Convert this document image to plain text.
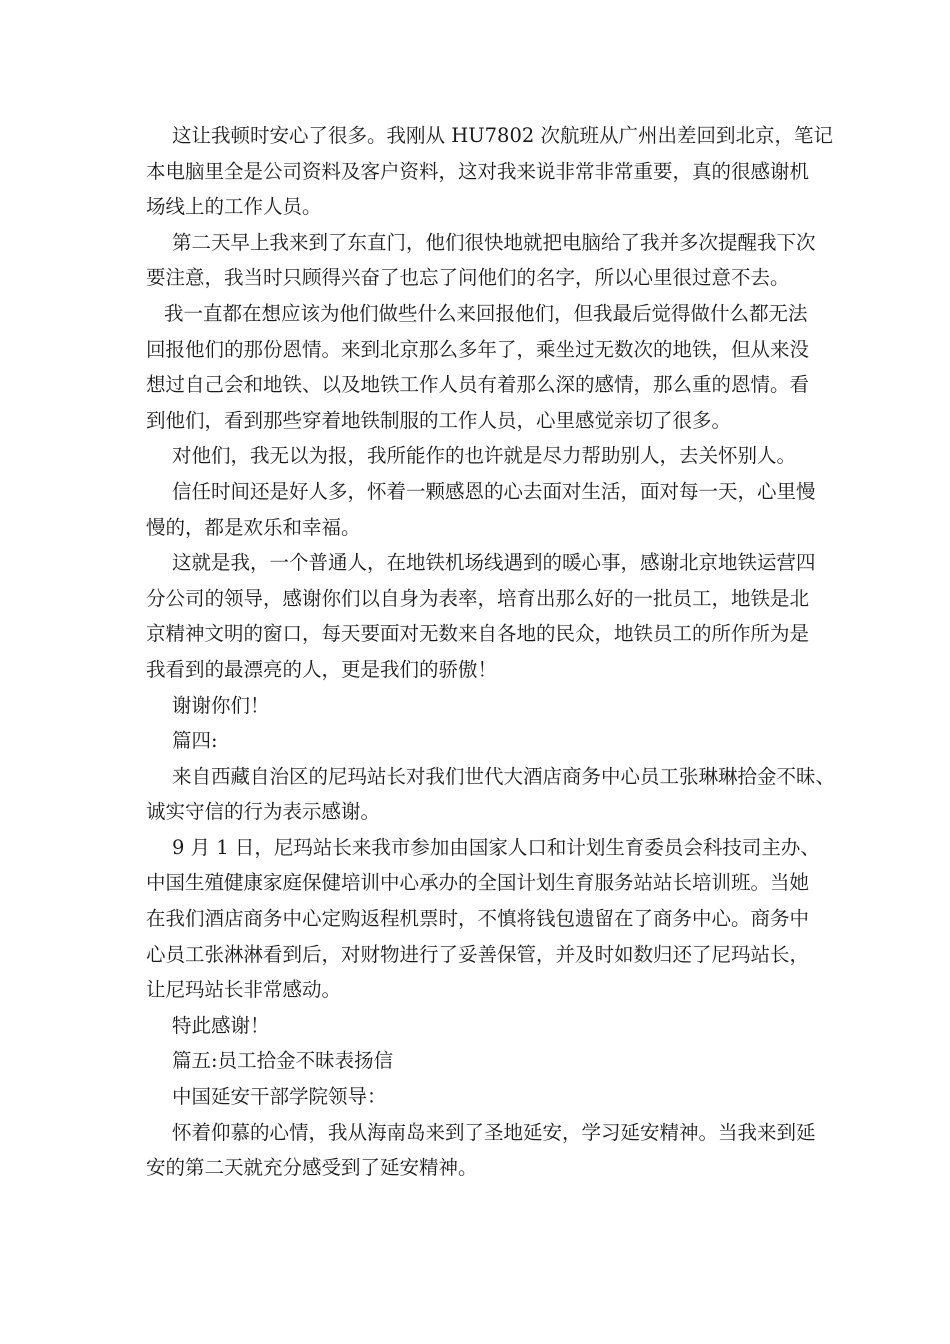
这让我顿时安心了很多。我刚从 HU7802 次航班从广州出差回到北京，笔记
本电脑里全是公司资料及客户资料，这对我来说非常非常重要，真的很感谢机
场线上的工作人员。
第二天早上我来到了东直门，他们很快地就把电脑给了我并多次提醒我下次
要注意，我当时只顾得兴奋了也忘了问他们的名字，所以心里很过意不去。
我一直都在想应该为他们做些什么来回报他们，但我最后觉得做什么都无法
回报他们的那份恩情。来到北京那么多年了，乘坐过无数次的地铁，但从来没
想过自己会和地铁、以及地铁工作人员有着那么深的感情，那么重的恩情。看
到他们，看到那些穿着地铁制服的工作人员，心里感觉亲切了很多。
对他们，我无以为报，我所能作的也许就是尽力帮助别人，去关怀别人。
信任时间还是好人多，怀着一颗感恩的心去面对生活，面对每一天，心里慢
慢的，都是欢乐和幸福。
这就是我，一个普通人，在地铁机场线遇到的暖心事，感谢北京地铁运营四
分公司的领导，感谢你们以自身为表率，培育出那么好的一批员工，地铁是北
京精神文明的窗口，每天要面对无数来自各地的民众，地铁员工的所作所为是
我看到的最漂亮的人，更是我们的骄傲！
谢谢你们！
篇四:
来自西藏自治区的尼玛站长对我们世代大酒店商务中心员工张琳琳拾金不昧、
诚实守信的行为表示感谢。
9 月 1 日，尼玛站长来我市参加由国家人口和计划生育委员会科技司主办、
中国生殖健康家庭保健培训中心承办的全国计划生育服务站站长培训班。当她
在我们酒店商务中心定购返程机票时，不慎将钱包遗留在了商务中心。商务中
心员工张淋淋看到后，对财物进行了妥善保管，并及时如数归还了尼玛站长，
让尼玛站长非常感动。
特此感谢！
篇五:员工拾金不昧表扬信
中国延安干部学院领导：
怀着仰慕的心情，我从海南岛来到了圣地延安，学习延安精神。当我来到延
安的第二天就充分感受到了延安精神。
